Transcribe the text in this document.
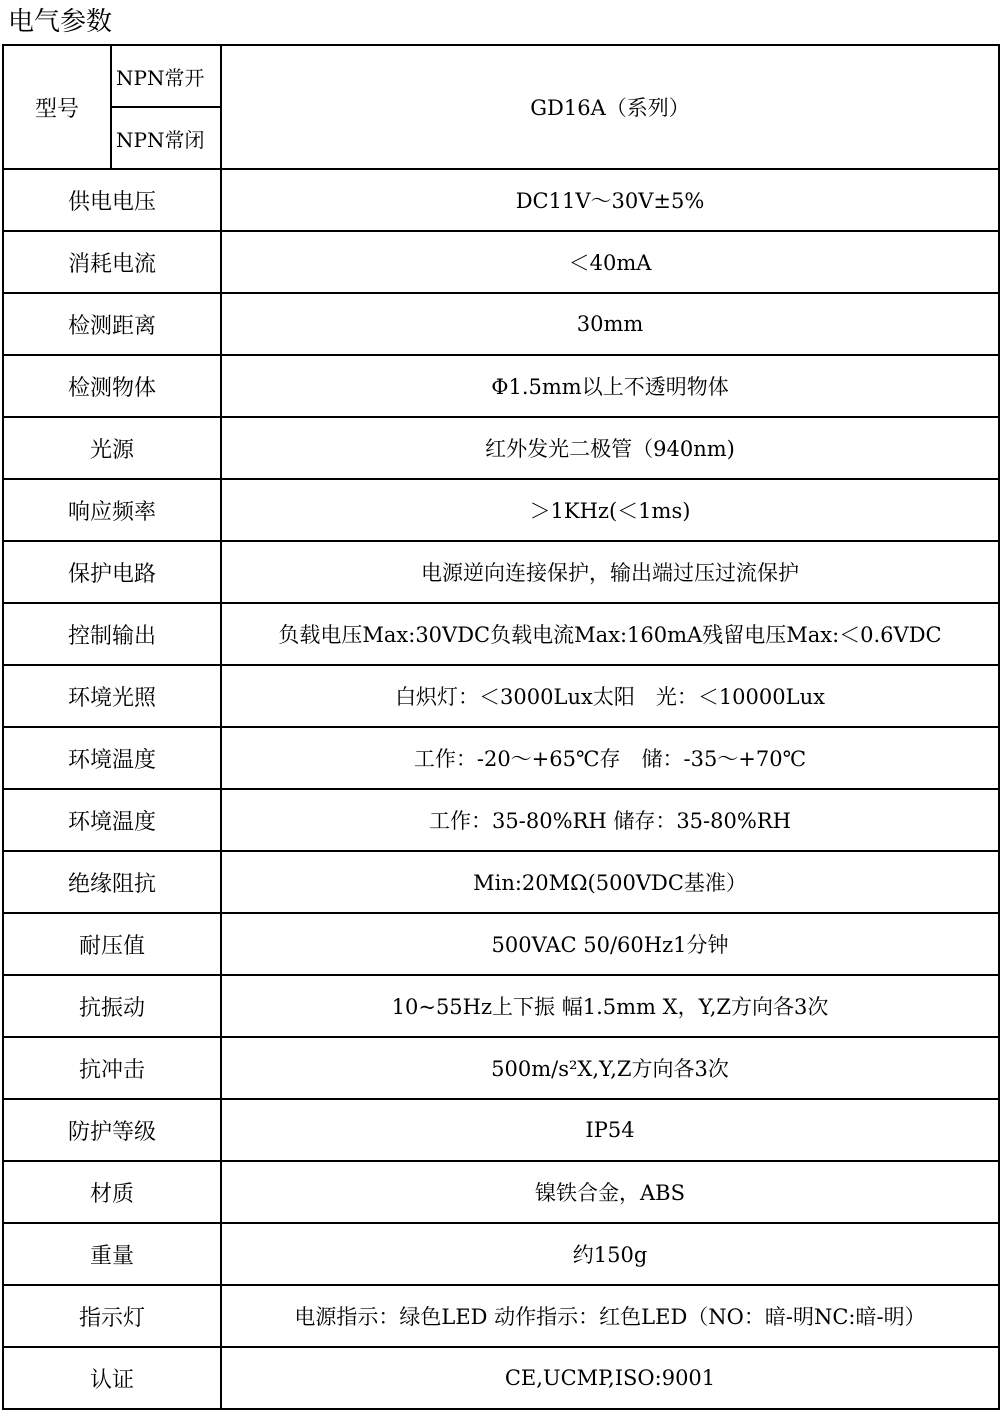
电气参数
型号	NPN常开	GD16A（系列）
	NPN常闭	
供电电压		DC11V～30V±5%
消耗电流		＜40mA
检测距离		30mm
检测物体		Φ1.5mm以上不透明物体
光源		红外发光二极管（940nm)
响应频率		＞1KHz(＜1ms)
保护电路		电源逆向连接保护，输出端过压过流保护
控制输出		负载电压Max:30VDC负载电流Max:160mA残留电压Max:＜0.6VDC
环境光照		白炽灯：＜3000Lux太阳　光：＜10000Lux
环境温度		工作：-20～+65℃存　储：-35～+70℃
环境温度		工作：35-80%RH 储存：35-80%RH
绝缘阻抗		Min:20MΩ(500VDC基准）
耐压值		500VAC 50/60Hz1分钟
抗振动		10~55Hz上下振 幅1.5mm X，Y,Z方向各3次
抗冲击		500m/s²X,Y,Z方向各3次
防护等级		IP54
材质		镍铁合金，ABS
重量		约150g
指示灯		电源指示：绿色LED 动作指示：红色LED（NO：暗-明NC:暗-明）
认证		CE,UCMP,ISO:9001
